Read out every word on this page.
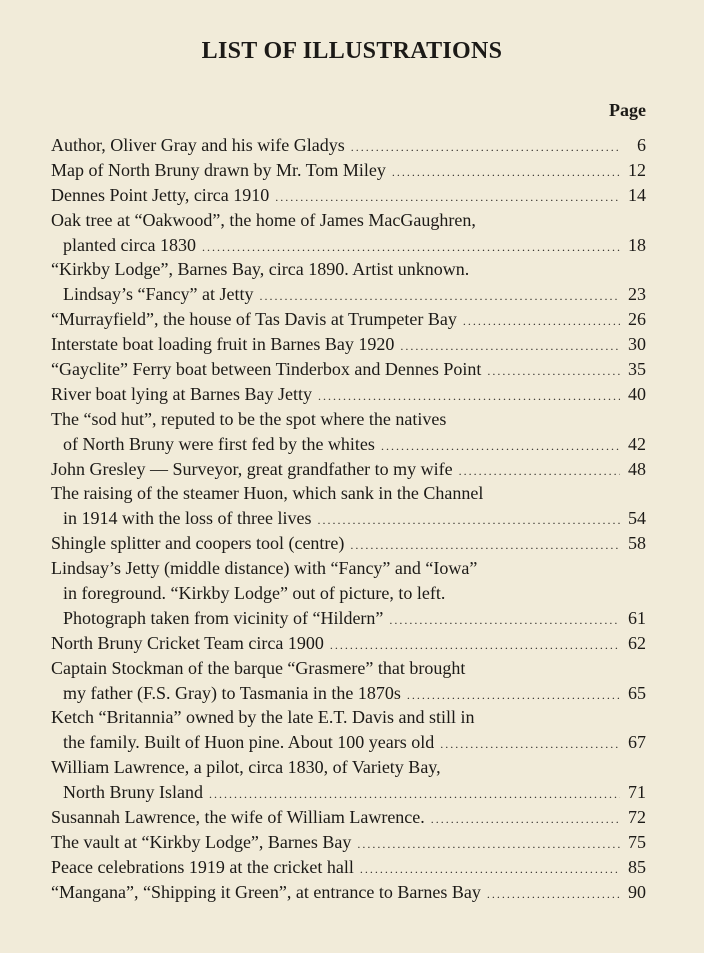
LIST OF ILLUSTRATIONS
Page
Author, Oliver Gray and his wife Gladys .....	6
Map of North Bruny drawn by Mr. Tom Miley .....	12
Dennes Point Jetty, circa 1910 .....	14
Oak tree at “Oakwood”, the home of James MacGaughren,
planted circa 1830 .....	18
“Kirkby Lodge”, Barnes Bay, circa 1890. Artist unknown.
Lindsay’s “Fancy” at Jetty .....	23
“Murrayfield”, the house of Tas Davis at Trumpeter Bay .....	26
Interstate boat loading fruit in Barnes Bay 1920 .....	30
“Gayclite” Ferry boat between Tinderbox and Dennes Point .....	35
River boat lying at Barnes Bay Jetty .....	40
The “sod hut”, reputed to be the spot where the natives
of North Bruny were first fed by the whites .....	42
John Gresley — Surveyor, great grandfather to my wife .....	48
The raising of the steamer Huon, which sank in the Channel
in 1914 with the loss of three lives .....	54
Shingle splitter and coopers tool (centre) .....	58
Lindsay’s Jetty (middle distance) with “Fancy” and “Iowa”
in foreground. “Kirkby Lodge” out of picture, to left.
Photograph taken from vicinity of “Hildern” .....	61
North Bruny Cricket Team circa 1900 .....	62
Captain Stockman of the barque “Grasmere” that brought
my father (F.S. Gray) to Tasmania in the 1870s .....	65
Ketch “Britannia” owned by the late E.T. Davis and still in
the family. Built of Huon pine. About 100 years old .....	67
William Lawrence, a pilot, circa 1830, of Variety Bay,
North Bruny Island .....	71
Susannah Lawrence, the wife of William Lawrence. .....	72
The vault at “Kirkby Lodge”, Barnes Bay .....	75
Peace celebrations 1919 at the cricket hall .....	85
“Mangana”, “Shipping it Green”, at entrance to Barnes Bay .....	90
